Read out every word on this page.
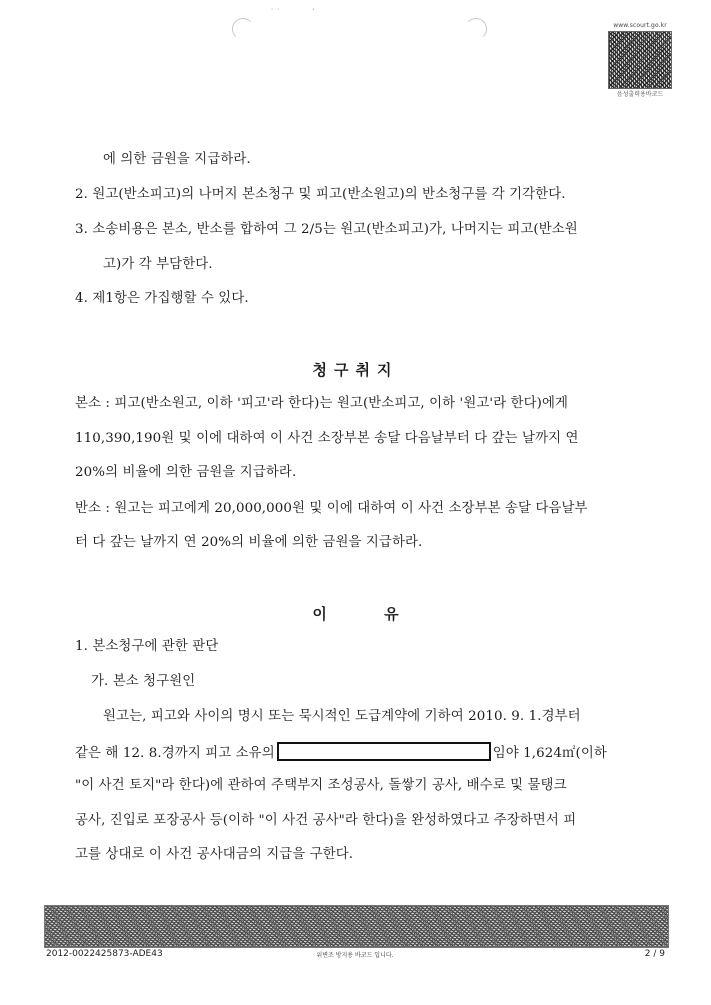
˙ ˙            ˊ
www.scourt.go.kr
음성출력용바코드
에 의한 금원을 지급하라.
2. 원고(반소피고)의 나머지 본소청구 및 피고(반소원고)의 반소청구를 각 기각한다.
3. 소송비용은 본소, 반소를 합하여 그 2/5는 원고(반소피고)가, 나머지는 피고(반소원
고)가 각 부담한다.
4. 제1항은 가집행할 수 있다.
청구취지
본소 : 피고(반소원고, 이하 '피고'라 한다)는 원고(반소피고, 이하 '원고'라 한다)에게
110,390,190원 및 이에 대하여 이 사건 소장부본 송달 다음날부터 다 갚는 날까지 연
20%의 비율에 의한 금원을 지급하라.
반소 : 원고는 피고에게 20,000,000원 및 이에 대하여 이 사건 소장부본 송달 다음날부
터 다 갚는 날까지 연 20%의 비율에 의한 금원을 지급하라.
이 유
1. 본소청구에 관한 판단
가. 본소 청구원인
원고는, 피고와 사이의 명시 또는 묵시적인 도급계약에 기하여 2010. 9. 1.경부터
같은 해 12. 8.경까지 피고 소유의	임야 1,624㎡(이하
"이 사건 토지"라 한다)에 관하여 주택부지 조성공사, 돌쌓기 공사, 배수로 및 물탱크
공사, 진입로 포장공사 등(이하 "이 사건 공사"라 한다)을 완성하였다고 주장하면서 피
고를 상대로 이 사건 공사대금의 지급을 구한다.
2012-0022425873-ADE43	위변조 방지용 바코드 입니다.	2 / 9
